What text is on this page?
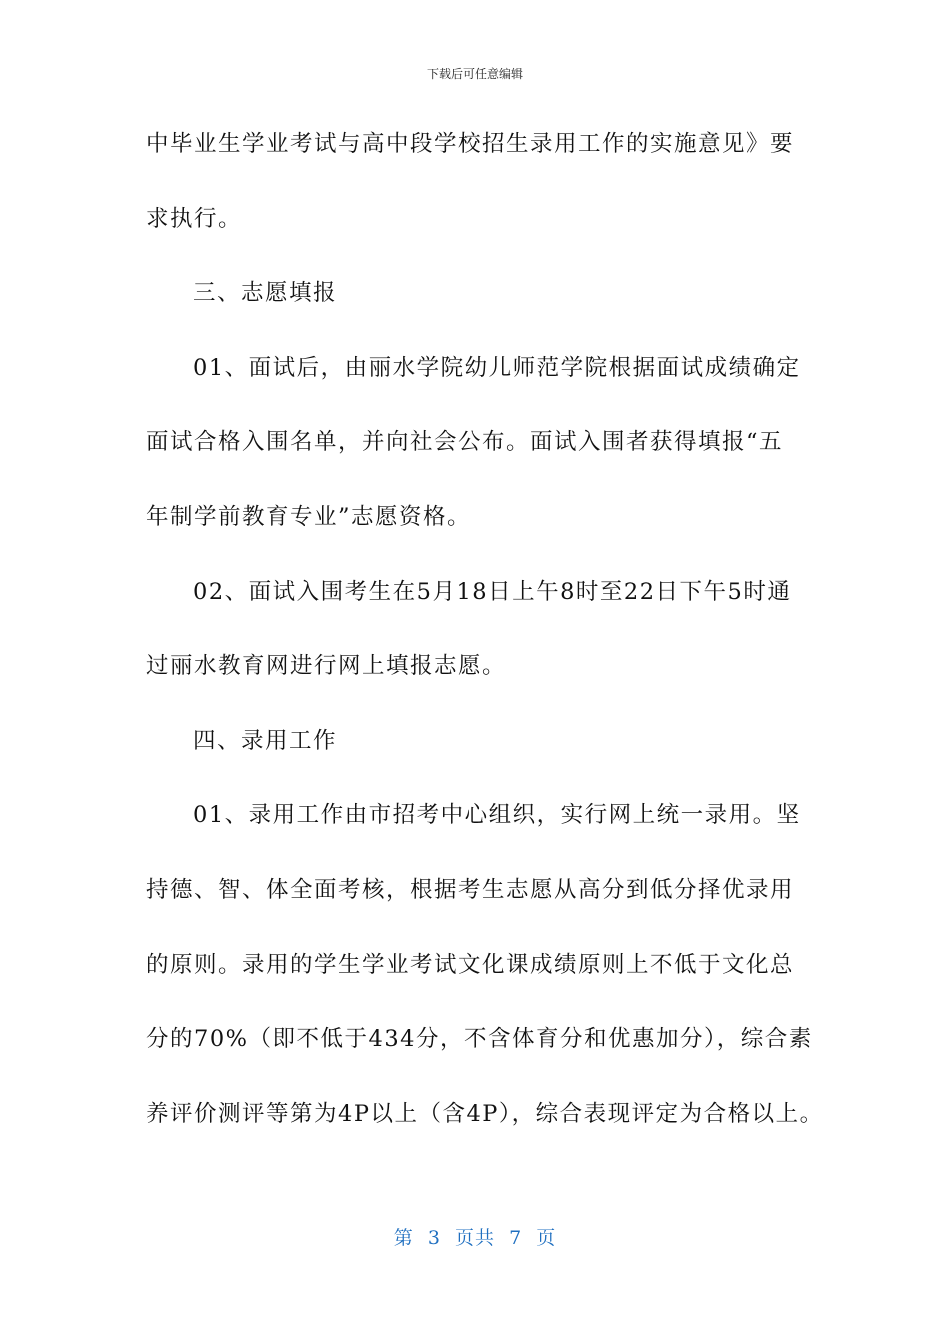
下载后可任意编辑
中毕业生学业考试与高中段学校招生录用工作的实施意见》要
求执行。
三、志愿填报
01、面试后，由丽水学院幼儿师范学院根据面试成绩确定
面试合格入围名单，并向社会公布。面试入围者获得填报“五
年制学前教育专业”志愿资格。
02、面试入围考生在5月18日上午8时至22日下午5时通
过丽水教育网进行网上填报志愿。
四、录用工作
01、录用工作由市招考中心组织，实行网上统一录用。坚
持德、智、体全面考核，根据考生志愿从高分到低分择优录用
的原则。录用的学生学业考试文化课成绩原则上不低于文化总
分的70%（即不低于434分，不含体育分和优惠加分），综合素
养评价测评等第为4P以上（含4P），综合表现评定为合格以上。
第  3  页共  7  页
